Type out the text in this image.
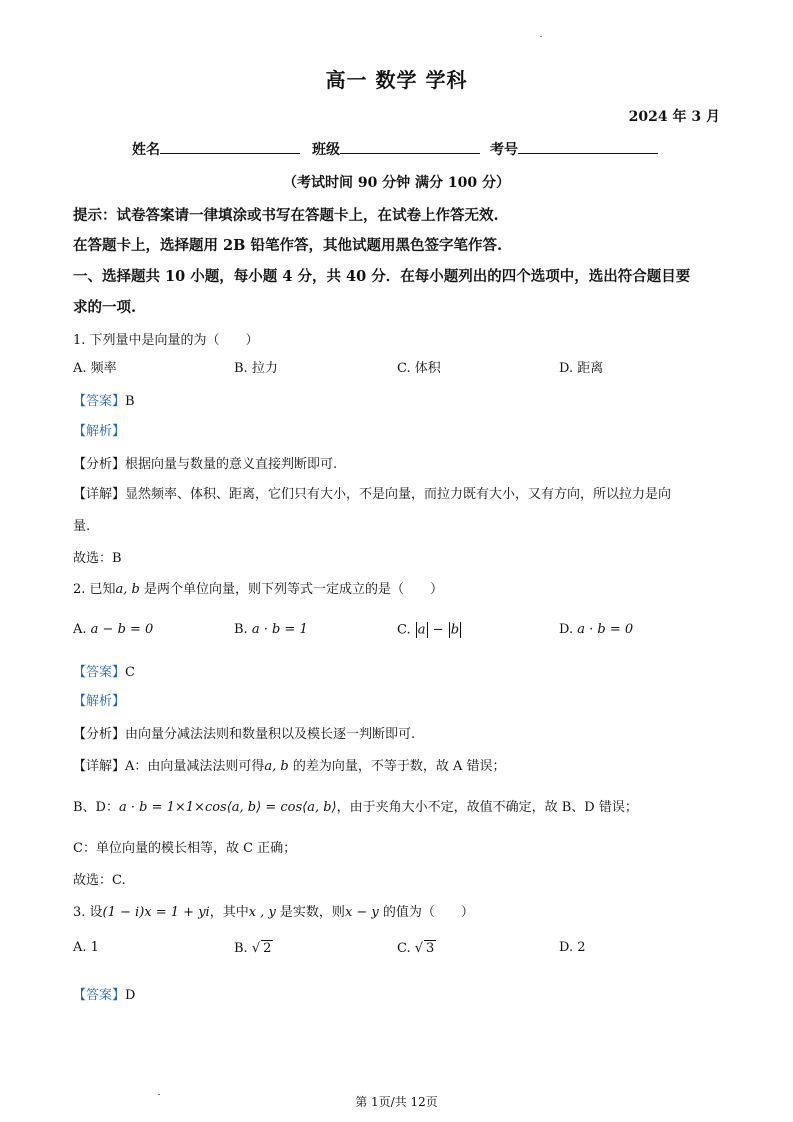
高一 数学 学科
2024 年 3 月
姓名	班级	考号
（考试时间 90 分钟 满分 100 分）
提示：试卷答案请一律填涂或书写在答题卡上，在试卷上作答无效.
在答题卡上，选择题用 2B 铅笔作答，其他试题用黑色签字笔作答.
一、选择题共 10 小题，每小题 4 分，共 40 分．在每小题列出的四个选项中，选出符合题目要
求的一项.
1. 下列量中是向量的为（　　）
A. 频率	B. 拉力	C. 体积	D. 距离
【答案】B
【解析】
【分析】根据向量与数量的意义直接判断即可.
【详解】显然频率、体积、距离，它们只有大小，不是向量，而拉力既有大小，又有方向，所以拉力是向
量.
故选：B
2. 已知a, b 是两个单位向量，则下列等式一定成立的是（　　）
A. a − b = 0	B. a · b = 1	C. a − b	D. a · b = 0
【答案】C
【解析】
【分析】由向量分减法法则和数量积以及模长逐一判断即可.
【详解】A：由向量减法法则可得a, b 的差为向量，不等于数，故 A 错误；
B、D：a · b = 1×1×cos⟨a, b⟩ = cos⟨a, b⟩，由于夹角大小不定，故值不确定，故 B、D 错误；
C：单位向量的模长相等，故 C 正确；
故选：C.
3. 设(1 − i)x = 1 + yi，其中x , y 是实数，则x − y 的值为（　　）
A. 1	B. √ 2	C. √ 3	D. 2
【答案】D
第 1页/共 12页
